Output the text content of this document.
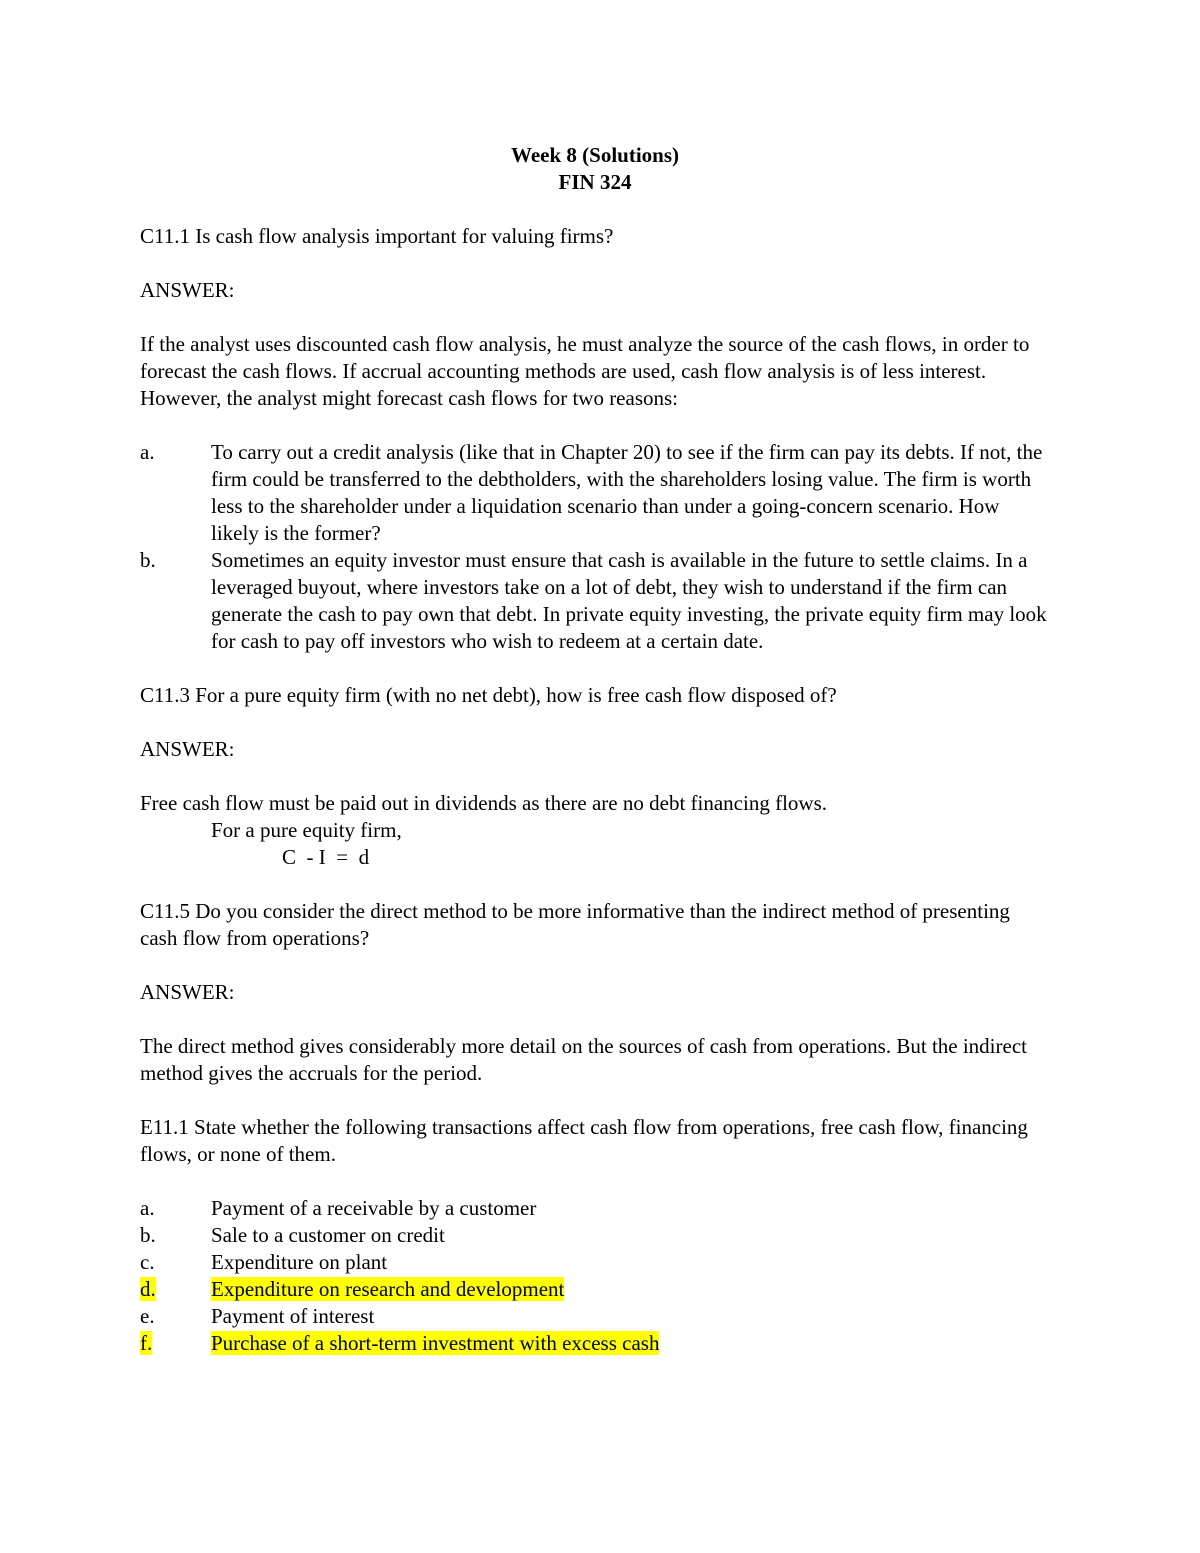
Week 8 (Solutions)

FIN 324

C11.1 Is cash flow analysis important for valuing firms?

ANSWER:

If the analyst uses discounted cash flow analysis, he must analyze the source of the cash flows, in order to forecast the cash flows. If accrual accounting methods are used, cash flow analysis is of less interest. However, the analyst might forecast cash flows for two reasons:

a.	To carry out a credit analysis (like that in Chapter 20) to see if the firm can pay its debts. If not, the firm could be transferred to the debtholders, with the shareholders losing value. The firm is worth less to the shareholder under a liquidation scenario than under a going-concern scenario. How likely is the former?
b.	Sometimes an equity investor must ensure that cash is available in the future to settle claims. In a leveraged buyout, where investors take on a lot of debt, they wish to understand if the firm can generate the cash to pay own that debt. In private equity investing, the private equity firm may look for cash to pay off investors who wish to redeem at a certain date.

C11.3 For a pure equity firm (with no net debt), how is free cash flow disposed of?

ANSWER:

Free cash flow must be paid out in dividends as there are no debt financing flows.

For a pure equity firm,

C  - I  =  d

C11.5 Do you consider the direct method to be more informative than the indirect method of presenting cash flow from operations?

ANSWER:

The direct method gives considerably more detail on the sources of cash from operations. But the indirect method gives the accruals for the period.

E11.1 State whether the following transactions affect cash flow from operations, free cash flow, financing flows, or none of them.

a.	Payment of a receivable by a customer
b.	Sale to a customer on credit
c.	Expenditure on plant
d.	Expenditure on research and development
e.	Payment of interest
f.	Purchase of a short-term investment with excess cash
